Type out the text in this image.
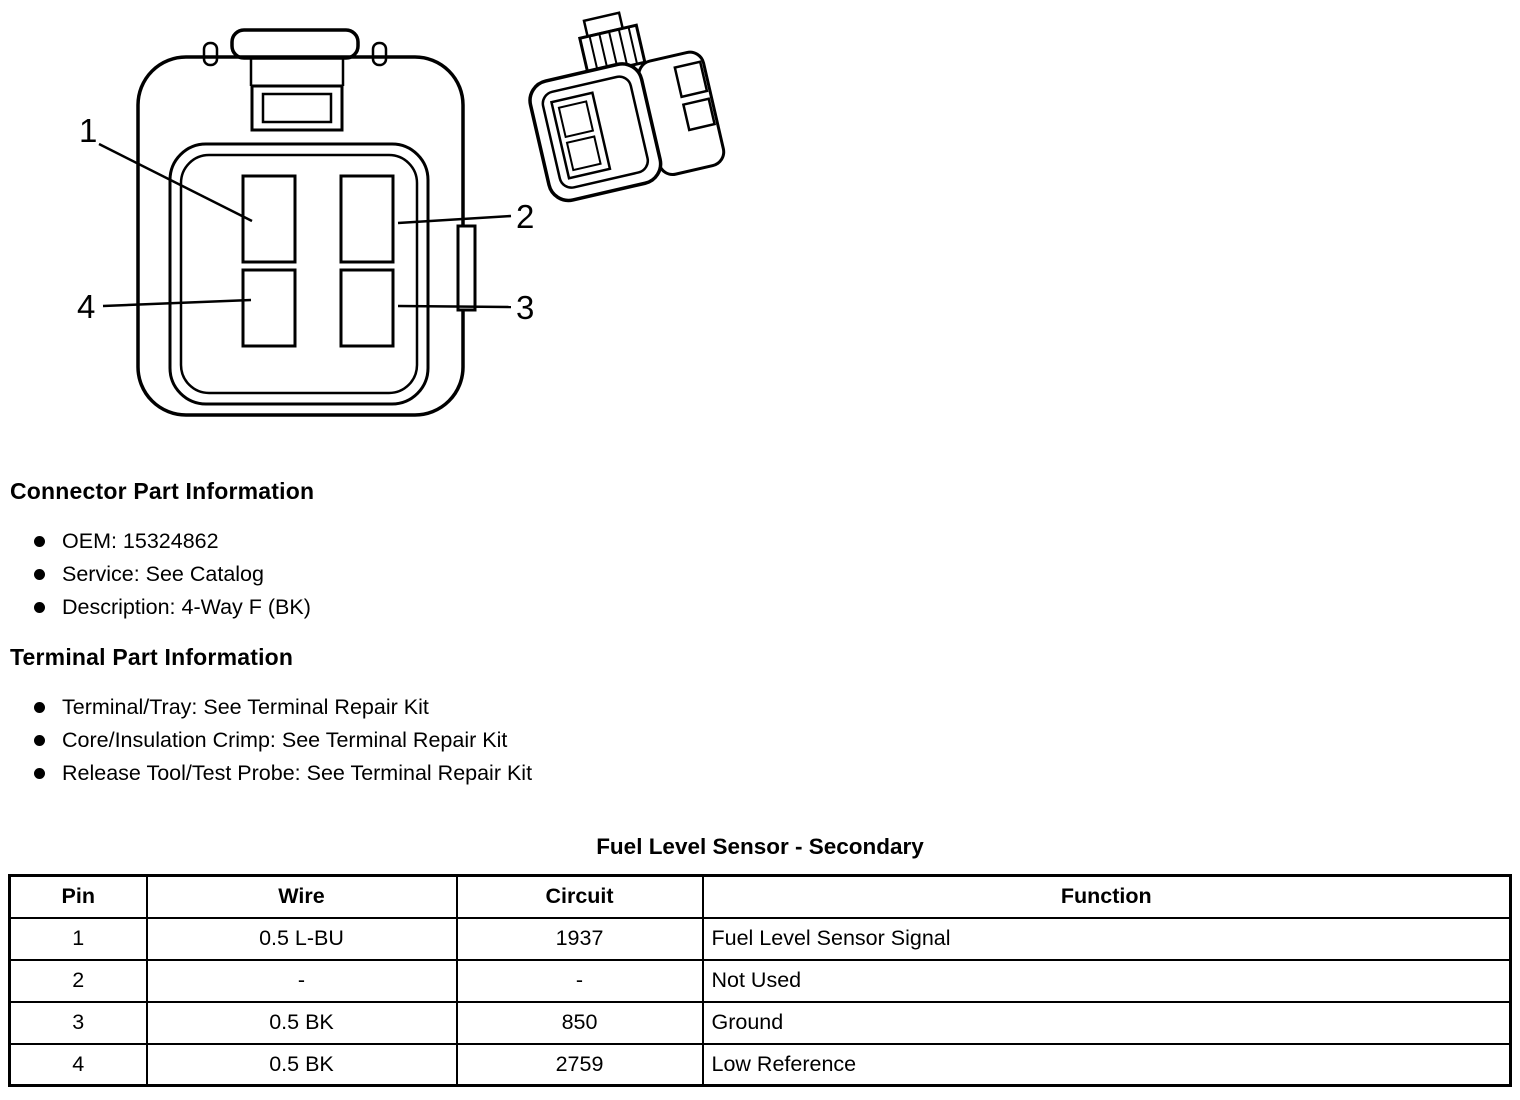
1
2
3
4
Connector Part Information
OEM: 15324862
Service: See Catalog
Description: 4-Way F (BK)
Terminal Part Information
Terminal/Tray: See Terminal Repair Kit
Core/Insulation Crimp: See Terminal Repair Kit
Release Tool/Test Probe: See Terminal Repair Kit
Fuel Level Sensor - Secondary
Pin	Wire	Circuit	Function
1	0.5 L-BU	1937	Fuel Level Sensor Signal
2	-	-	Not Used
3	0.5 BK	850	Ground
4	0.5 BK	2759	Low Reference
